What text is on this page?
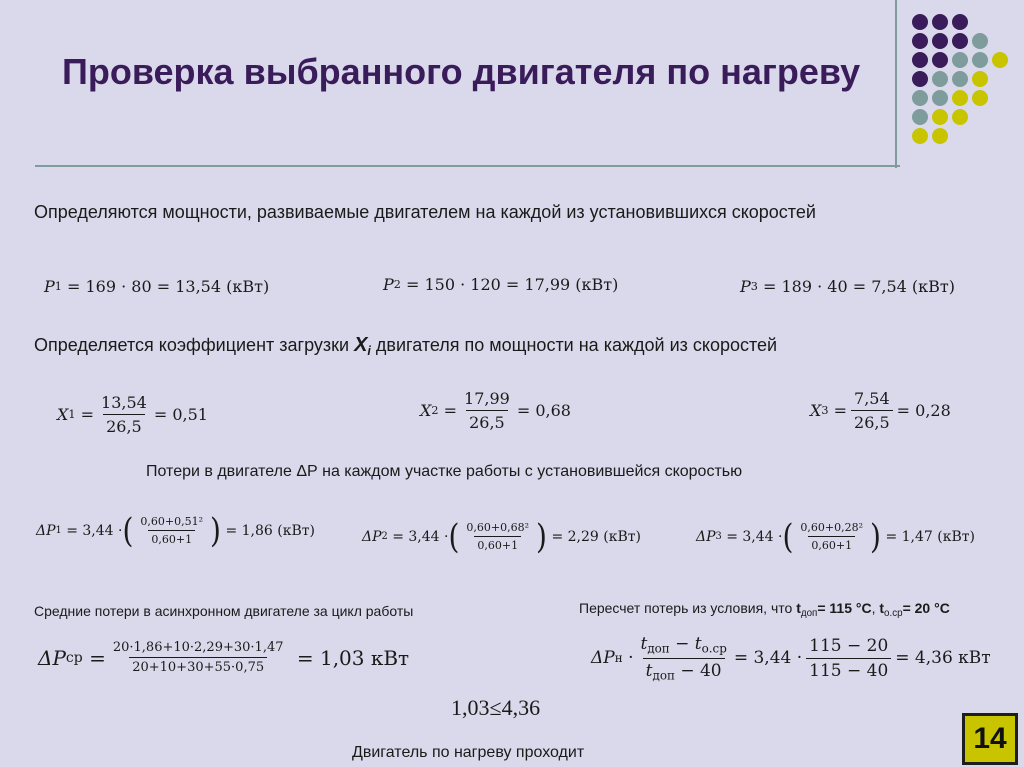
Проверка выбранного двигателя по нагреву
Определяются мощности, развиваемые двигателем на каждой из установившихся скоростей
P 1
= 169 · 80 = 13,54 (кВт)	P 2
= 150 · 120 = 17,99 (кВт)	P 3
= 189 · 40 = 7,54 (кВт)
Определяется коэффициент загрузки $X_i$ двигателя по мощности на каждой из скоростей
X $1 = \frac{13,54}{26,5} = 0,51$	X $2 = \frac{17,99}{26,5} = 0,68$	X $3 = \frac{7,54}{26,5} = 0,28$
Потери в двигателе ΔР на каждом участке работы с установившейся скоростью
ΔP 1
= 3,44 · ( $\frac{\text{0,60+0,51²}}{0,60+1}$ )
= 1,86 (кВт)	ΔP 2
= 3,44 · ( $\frac{\text{0,60+0,68²}}{0,60+1}$ )
= 2,29 (кВт)	ΔP 3
= 3,44 · ( $\frac{\text{0,60+0,28²}}{0,60+1}$ )
= 1,47 (кВт)
Средние потери в асинхронном двигателе за цикл работы
ΔP ср
= $\frac{20\cdot 1,86+10\cdot 2,29+30\cdot 1,47}{20+10+30+55\cdot 0,75}$
= 1,03 кВт
Пересчет потерь из условия, что $t_{доп}= 115$ °С, $t_{о.ср}= 20$ °С
ΔP н
· $\frac{t_{доп} - t_{о.ср}}{t_{доп} - 40} = 3,44 \cdot \frac{115 - 20}{115 - 40} = 4,36$ кВт
1,03≤4,36
Двигатель по нагреву проходит	14
